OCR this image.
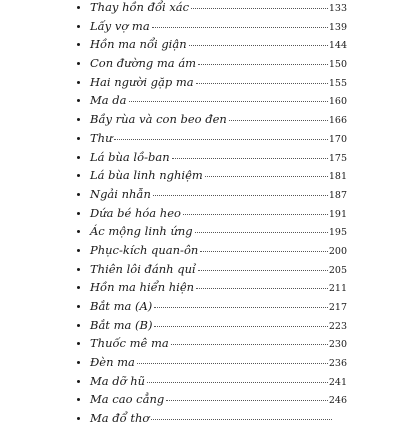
Thay hồn đổi xác	133
Lấy vợ ma	139
Hồn ma nổi giận	144
Con đường ma ám	150
Hai người gặp ma	155
Ma da	160
Bầy rùa và con beo đen	166
Thư	170
Lá bùa lồ-ban	175
Lá bùa linh nghiệm	181
Ngải nhẫn	187
Dứa bé hóa heo	191
Ác mộng linh ứng	195
Phục-kích quan-ôn	200
Thiên lôi đánh quỉ	205
Hồn ma hiển hiện	211
Bắt ma (A)	217
Bắt ma (B)	223
Thuốc mê ma	230
Đèn ma	236
Ma dỡ hũ	241
Ma cao cẳng	246
Ma đổ thơ
